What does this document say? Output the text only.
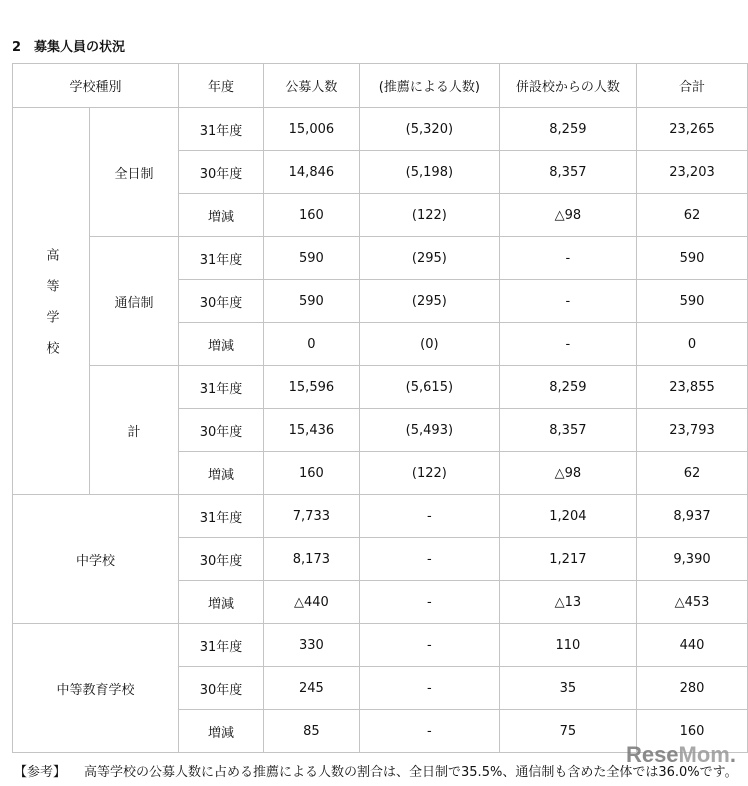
2　募集人員の状況
学校種別		年度	公募人数	(推薦による人数)	併設校からの人数	合計
高等学校	全日制	31年度	15,006	(5,320)	8,259	23,265
		30年度	14,846	(5,198)	8,357	23,203
		増減	160	(122)	△98	62
	通信制	31年度	590	(295)	-	590
		30年度	590	(295)	-	590
		増減	0	(0)	-	0
	計	31年度	15,596	(5,615)	8,259	23,855
		30年度	15,436	(5,493)	8,357	23,793
		増減	160	(122)	△98	62
中学校		31年度	7,733	-	1,204	8,937
		30年度	8,173	-	1,217	9,390
		増減	△440	-	△13	△453
中等教育学校		31年度	330	-	110	440
		30年度	245	-	35	280
		増減	85	-	75	160
【参考】 高等学校の公募人数に占める推薦による人数の割合は、全日制で35.5%、通信制も含めた全体では36.0%です。
ReseMom.
